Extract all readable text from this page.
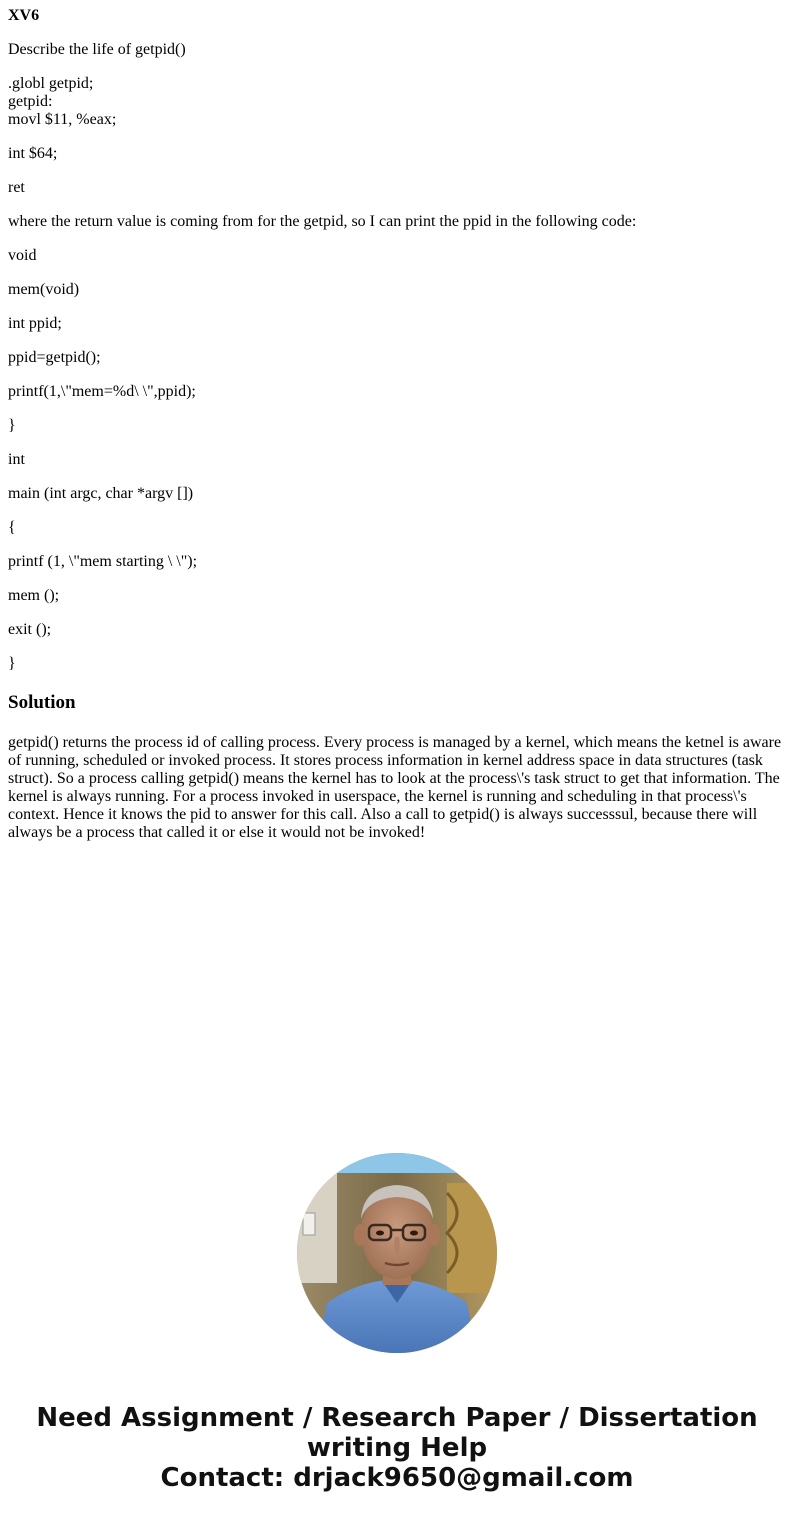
XV6
Describe the life of getpid()
.globl getpid;
getpid:
movl $11, %eax;
int $64;
ret
where the return value is coming from for the getpid, so I can print the ppid in the following code:
void
mem(void)
int ppid;
ppid=getpid();
printf(1,\"mem=%d\ \",ppid);
}
int
main (int argc, char *argv [])
{
printf (1, \"mem starting \ \");
mem ();
exit ();
}
Solution
getpid() returns the process id of calling process. Every process is managed by a kernel, which means the ketnel is aware of running, scheduled or invoked process. It stores process information in kernel address space in data structures (task struct). So a process calling getpid() means the kernel has to look at the process\'s task struct to get that information. The kernel is always running. For a process invoked in userspace, the kernel is running and scheduling in that process\'s context. Hence it knows the pid to answer for this call. Also a call to getpid() is always successsul, because there will always be a process that called it or else it would not be invoked!
Need Assignment / Research Paper / Dissertation
writing Help
Contact: drjack9650@gmail.com
